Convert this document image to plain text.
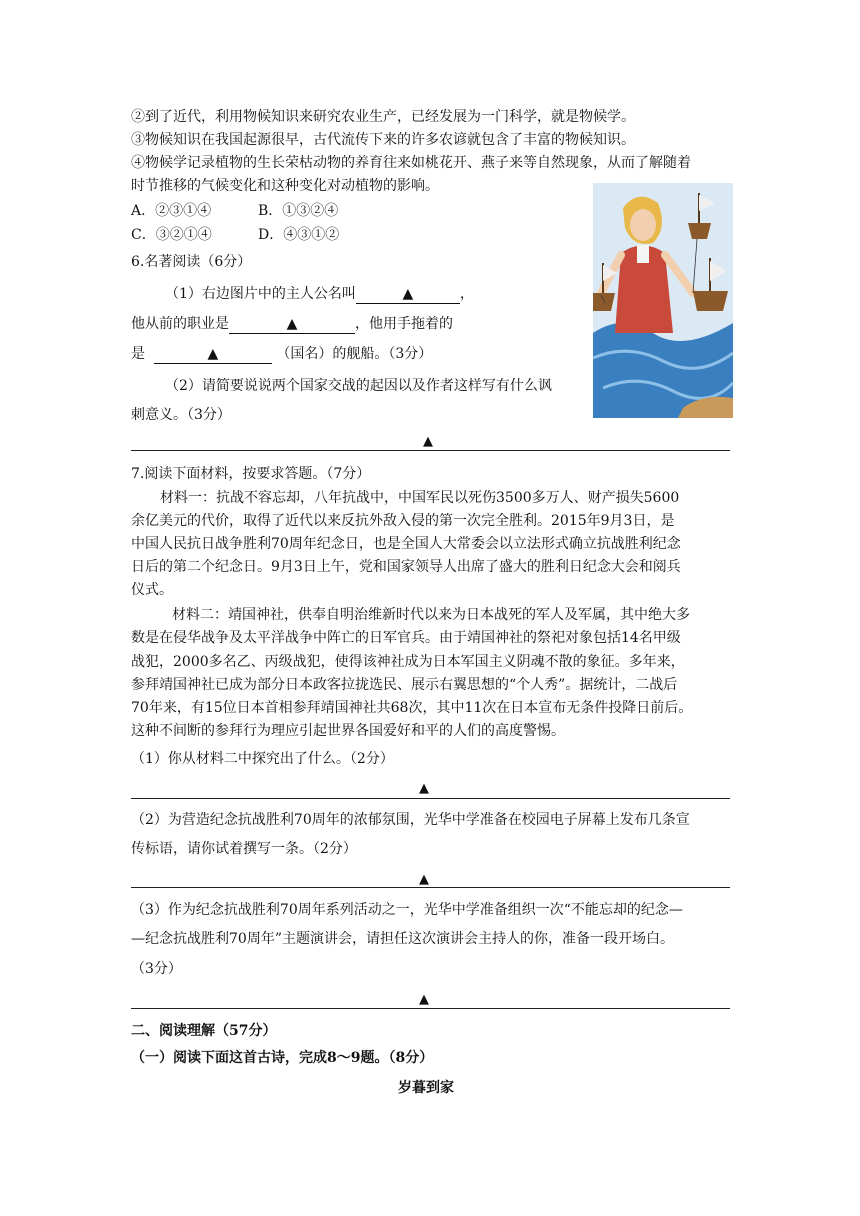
②到了近代，利用物候知识来研究农业生产，已经发展为一门科学，就是物候学。
③物候知识在我国起源很早，古代流传下来的许多农谚就包含了丰富的物候知识。
④物候学记录植物的生长荣枯动物的养育往来如桃花开、燕子来等自然现象，从而了解随着
时节推移的气候变化和这种变化对动植物的影响。
A．②③①④	B．①③②④
C．③②①④	D．④③①②
6.名著阅读（6分）
（1）右边图片中的主人公名叫	▲	，
他从前的职业是	▲	，他用手拖着的
是	▲	（国名）的舰船。（3分）
（2）请简要说说两个国家交战的起因以及作者这样写有什么讽
刺意义。（3分）
▲
7.阅读下面材料，按要求答题。（7分）
材料一：抗战不容忘却，八年抗战中，中国军民以死伤3500多万人、财产损失5600
余亿美元的代价，取得了近代以来反抗外敌入侵的第一次完全胜利。2015年9月3日，是
中国人民抗日战争胜利70周年纪念日，也是全国人大常委会以立法形式确立抗战胜利纪念
日后的第二个纪念日。9月3日上午，党和国家领导人出席了盛大的胜利日纪念大会和阅兵
仪式。
材料二：靖国神社，供奉自明治维新时代以来为日本战死的军人及军属，其中绝大多
数是在侵华战争及太平洋战争中阵亡的日军官兵。由于靖国神社的祭祀对象包括14名甲级
战犯，2000多名乙、丙级战犯，使得该神社成为日本军国主义阴魂不散的象征。多年来，
参拜靖国神社已成为部分日本政客拉拢选民、展示右翼思想的“个人秀”。据统计，二战后
70年来，有15位日本首相参拜靖国神社共68次，其中11次在日本宣布无条件投降日前后。
这种不间断的参拜行为理应引起世界各国爱好和平的人们的高度警惕。
（1）你从材料二中探究出了什么。（2分）
▲
（2）为营造纪念抗战胜利70周年的浓郁氛围，光华中学准备在校园电子屏幕上发布几条宣
传标语，请你试着撰写一条。（2分）
▲
（3）作为纪念抗战胜利70周年系列活动之一，光华中学准备组织一次“不能忘却的纪念—
—纪念抗战胜利70周年”主题演讲会，请担任这次演讲会主持人的你，准备一段开场白。
（3分）
▲
二、阅读理解（57分）
（一）阅读下面这首古诗，完成8～9题。（8分）
岁暮到家
